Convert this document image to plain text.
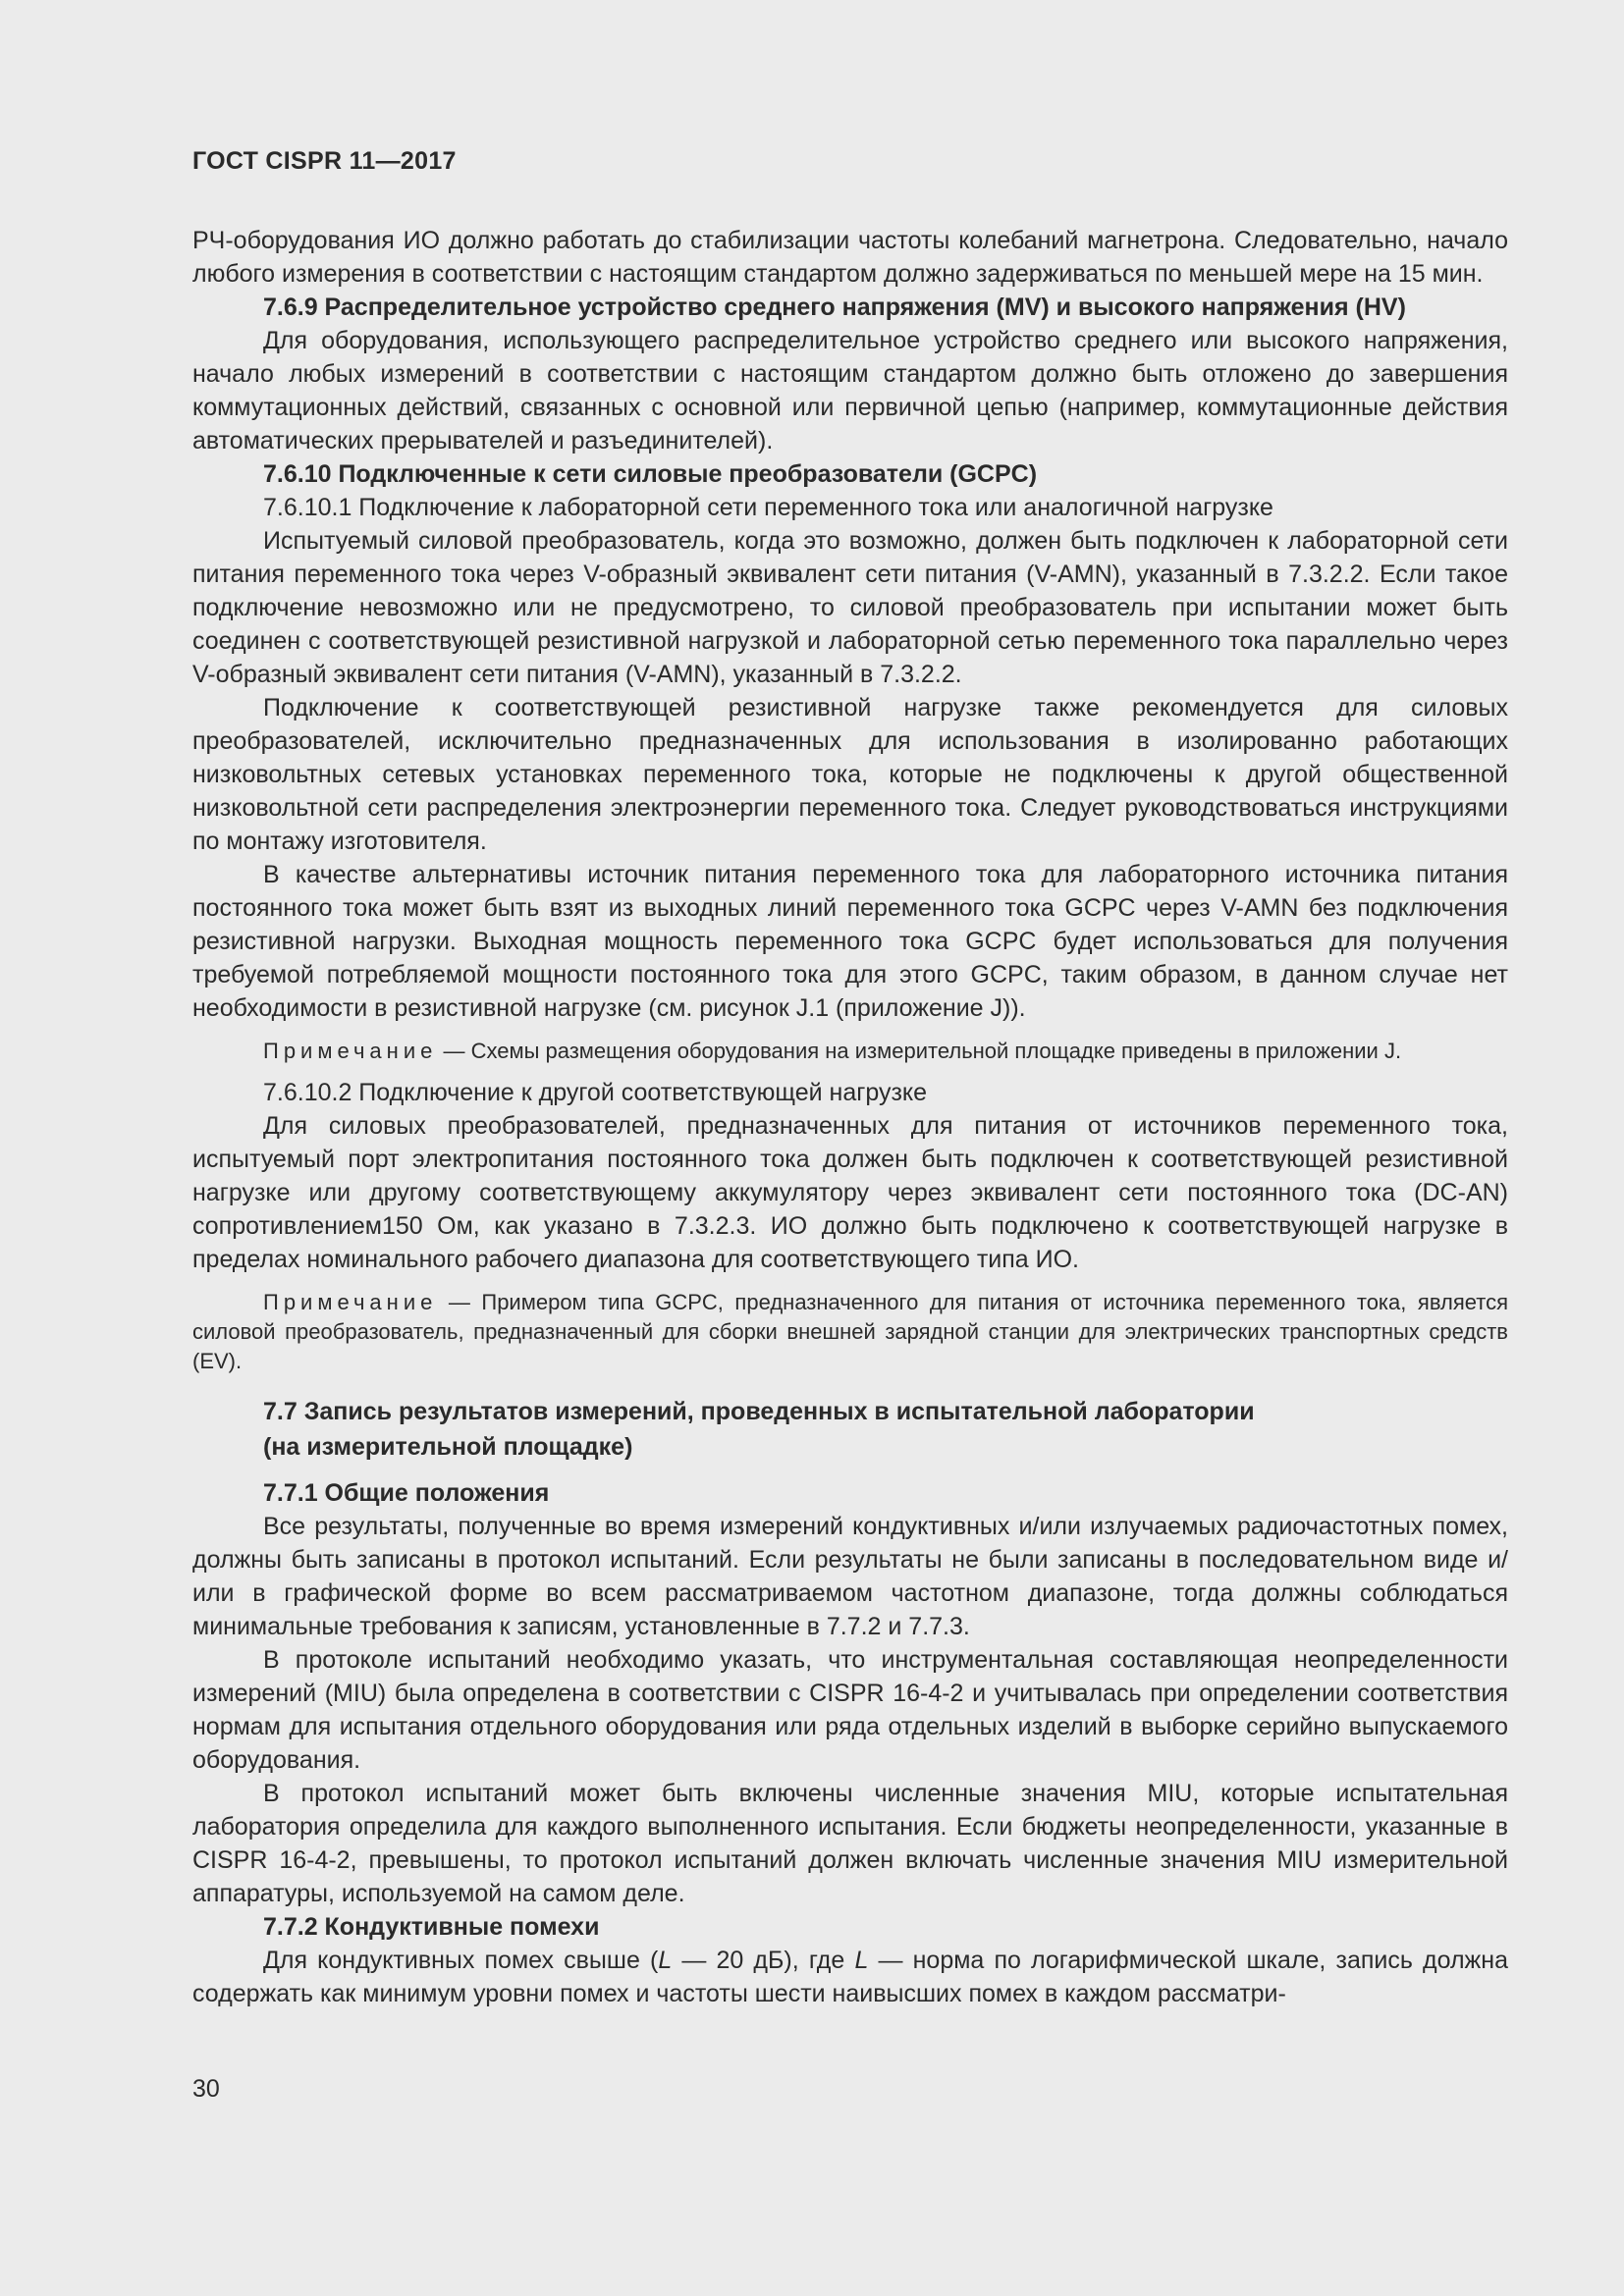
ГОСТ CISPR 11—2017

РЧ-оборудования ИО должно работать до стабилизации частоты колебаний магнетрона. Следовательно, начало любого измерения в соответствии с настоящим стандартом должно задерживаться по меньшей мере на 15 мин.

7.6.9 Распределительное устройство среднего напряжения (MV) и высокого напряжения (HV)

Для оборудования, использующего распределительное устройство среднего или высокого напряжения, начало любых измерений в соответствии с настоящим стандартом должно быть отложено до завершения коммутационных действий, связанных с основной или первичной цепью (например, коммутационные действия автоматических прерывателей и разъединителей).

7.6.10 Подключенные к сети силовые преобразователи (GCPC)

7.6.10.1 Подключение к лабораторной сети переменного тока или аналогичной нагрузке

Испытуемый силовой преобразователь, когда это возможно, должен быть подключен к лабораторной сети питания переменного тока через V-образный эквивалент сети питания (V-AMN), указанный в 7.3.2.2. Если такое подключение невозможно или не предусмотрено, то силовой преобразователь при испытании может быть соединен с соответствующей резистивной нагрузкой и лабораторной сетью переменного тока параллельно через V-образный эквивалент сети питания (V-AMN), указанный в 7.3.2.2.

Подключение к соответствующей резистивной нагрузке также рекомендуется для силовых преобразователей, исключительно предназначенных для использования в изолированно работающих низковольтных сетевых установках переменного тока, которые не подключены к другой общественной низковольтной сети распределения электроэнергии переменного тока. Следует руководствоваться инструкциями по монтажу изготовителя.

В качестве альтернативы источник питания переменного тока для лабораторного источника питания постоянного тока может быть взят из выходных линий переменного тока GCPC через V-AMN без подключения резистивной нагрузки. Выходная мощность переменного тока GCPC будет использоваться для получения требуемой потребляемой мощности постоянного тока для этого GCPC, таким образом, в данном случае нет необходимости в резистивной нагрузке (см. рисунок J.1 (приложение J)).

Примечание — Схемы размещения оборудования на измерительной площадке приведены в приложении J.

7.6.10.2 Подключение к другой соответствующей нагрузке

Для силовых преобразователей, предназначенных для питания от источников переменного тока, испытуемый порт электропитания постоянного тока должен быть подключен к соответствующей резистивной нагрузке или другому соответствующему аккумулятору через эквивалент сети постоянного тока (DC-AN) сопротивлением150 Ом, как указано в 7.3.2.3. ИО должно быть подключено к соответствующей нагрузке в пределах номинального рабочего диапазона для соответствующего типа ИО.

Примечание — Примером типа GCPC, предназначенного для питания от источника переменного тока, является силовой преобразователь, предназначенный для сборки внешней зарядной станции для электрических транспортных средств (EV).

7.7 Запись результатов измерений, проведенных в испытательной лаборатории
(на измерительной площадке)

7.7.1 Общие положения

Все результаты, полученные во время измерений кондуктивных и/или излучаемых радиочастотных помех, должны быть записаны в протокол испытаний. Если результаты не были записаны в последовательном виде и/или в графической форме во всем рассматриваемом частотном диапазоне, тогда должны соблюдаться минимальные требования к записям, установленные в 7.7.2 и 7.7.3.

В протоколе испытаний необходимо указать, что инструментальная составляющая неопределенности измерений (MIU) была определена в соответствии с CISPR 16-4-2 и учитывалась при определении соответствия нормам для испытания отдельного оборудования или ряда отдельных изделий в выборке серийно выпускаемого оборудования.

В протокол испытаний может быть включены численные значения MIU, которые испытательная лаборатория определила для каждого выполненного испытания. Если бюджеты неопределенности, указанные в CISPR 16-4-2, превышены, то протокол испытаний должен включать численные значения MIU измерительной аппаратуры, используемой на самом деле.

7.7.2 Кондуктивные помехи

Для кондуктивных помех свыше (L — 20 дБ), где L — норма по логарифмической шкале, запись должна содержать как минимум уровни помех и частоты шести наивысших помех в каждом рассматри-

30
